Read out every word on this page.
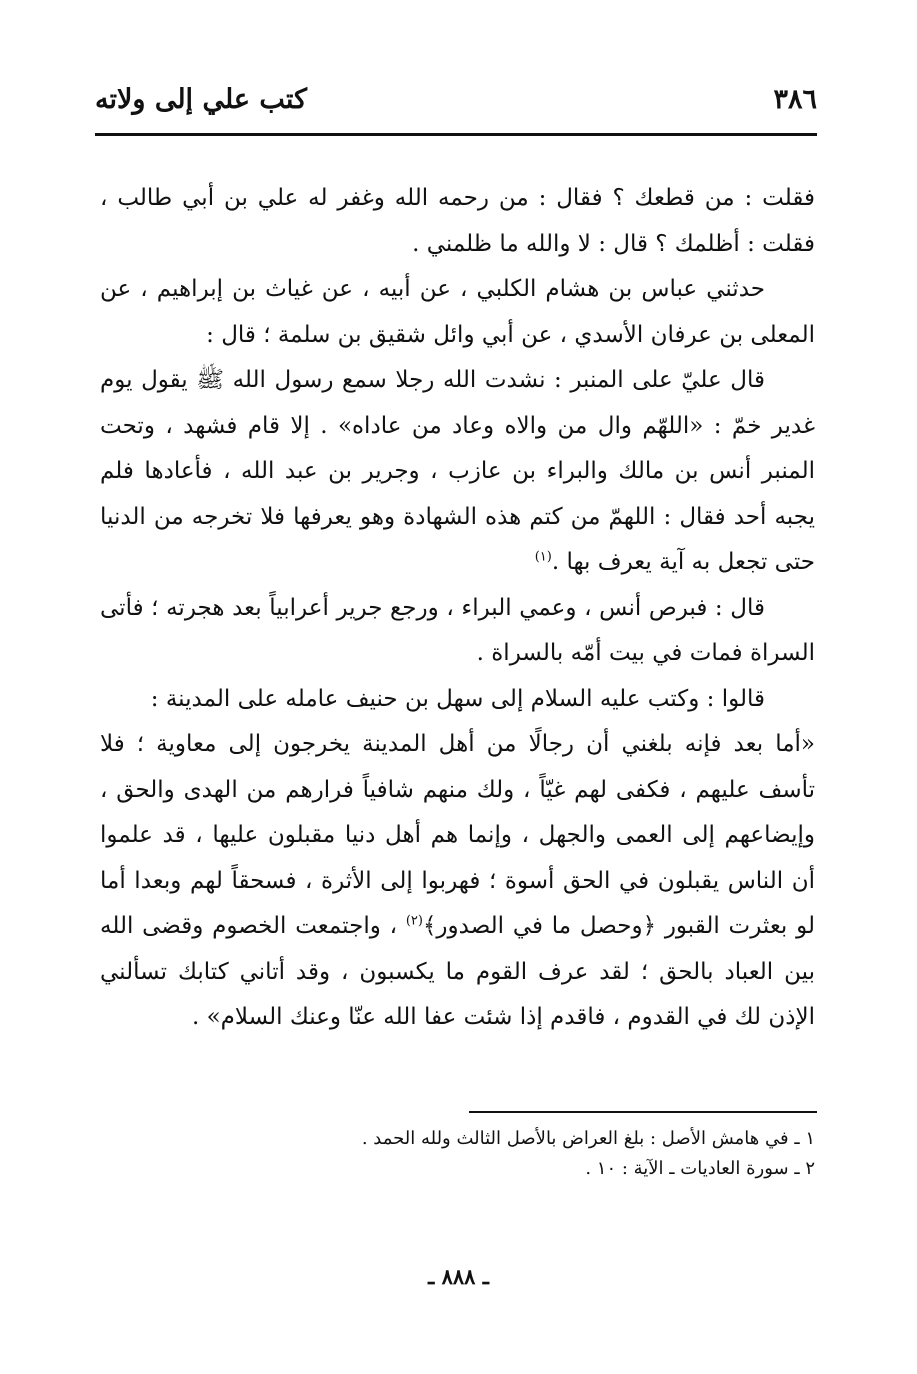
٣٨٦
كتب علي إلى ولاته

فقلت : من قطعك ؟ فقال : من رحمه الله وغفر له علي بن أبي طالب ، فقلت : أظلمك ؟ قال : لا والله ما ظلمني .

حدثني عباس بن هشام الكلبي ، عن أبيه ، عن غياث بن إبراهيم ، عن المعلى بن عرفان الأسدي ، عن أبي وائل شقيق بن سلمة ؛ قال :

قال عليّ على المنبر : نشدت الله رجلا سمع رسول الله ﷺ يقول يوم غدير خمّ : «اللهّم وال من والاه وعاد من عاداه» . إلا قام فشهد ، وتحت المنبر أنس بن مالك والبراء بن عازب ، وجرير بن عبد الله ، فأعادها فلم يجبه أحد فقال : اللهمّ من كتم هذه الشهادة وهو يعرفها فلا تخرجه من الدنيا حتى تجعل به آية يعرف بها .$^{(١)}$

قال : فبرص أنس ، وعمي البراء ، ورجع جرير أعرابياً بعد هجرته ؛ فأتى السراة فمات في بيت أمّه بالسراة .

قالوا : وكتب عليه السلام إلى سهل بن حنيف عامله على المدينة :

«أما بعد فإنه بلغني أن رجالًا من أهل المدينة يخرجون إلى معاوية ؛ فلا تأسف عليهم ، فكفى لهم غيّاً ، ولك منهم شافياً فرارهم من الهدى والحق ، وإيضاعهم إلى العمى والجهل ، وإنما هم أهل دنيا مقبلون عليها ، قد علموا أن الناس يقبلون في الحق أسوة ؛ فهربوا إلى الأثرة ، فسحقاً لهم وبعدا أما لو بعثرت القبور ﴿وحصل ما في الصدور﴾$^{(٢)}$ ، واجتمعت الخصوم وقضى الله بين العباد بالحق ؛ لقد عرف القوم ما يكسبون ، وقد أتاني كتابك تسألني الإذن لك في القدوم ، فاقدم إذا شئت عفا الله عنّا وعنك السلام» .

١ ـ في هامش الأصل : بلغ العراض بالأصل الثالث ولله الحمد .

٢ ـ سورة العاديات ـ الآية : ١٠ .

ـ ٨٨٨ ـ
